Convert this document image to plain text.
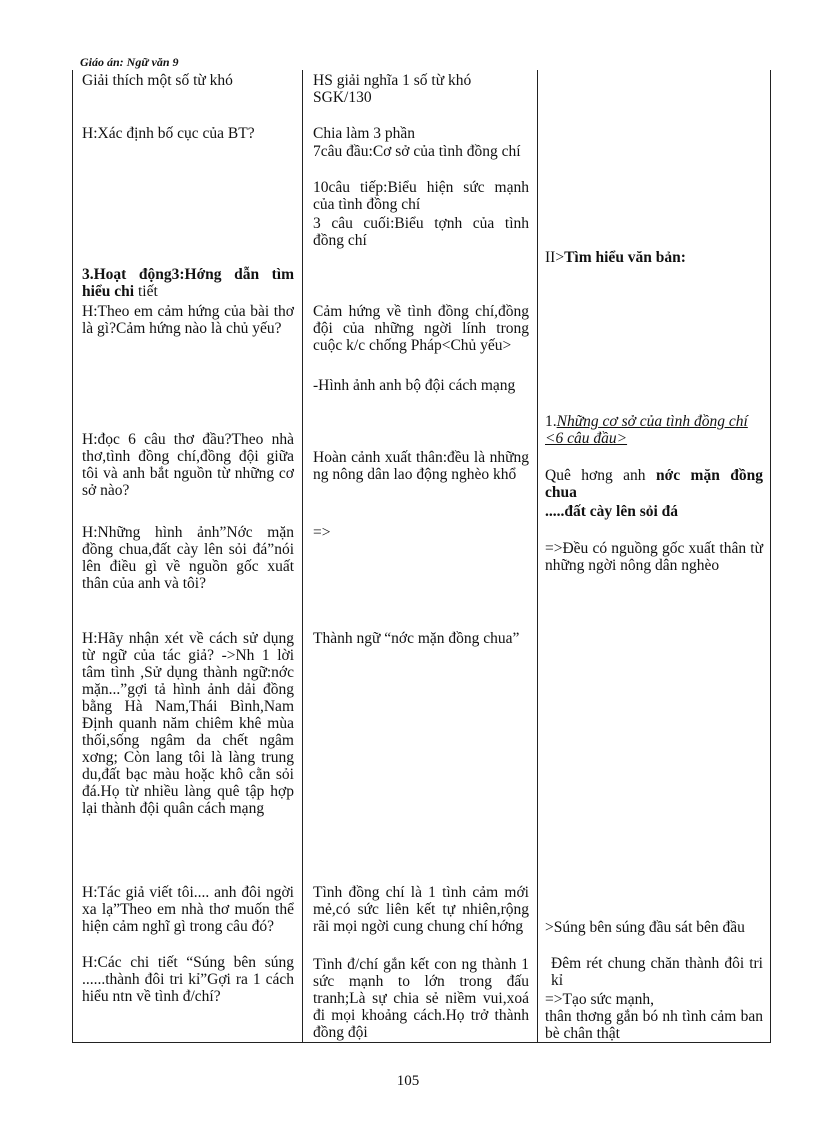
Giáo án: Ngữ văn 9

Giải thích một số từ khó

H:Xác định bố cục của BT?

3.Hoạt động3:Hớng dẫn tìm hiểu chi tiết

H:Theo em cảm hứng của bài thơ là gì?Cảm hứng nào là chủ yếu?

H:đọc 6 câu thơ đầu?Theo nhà thơ,tình đồng chí,đồng đội giữa tôi và anh bắt nguồn từ những cơ sở nào?

H:Những hình ảnh”Nớc mặn đồng chua,đất cày lên sỏi đá”nói lên điều gì về nguồn gốc xuất thân của anh và tôi?

H:Hãy nhận xét về cách sử dụng từ ngữ của tác giả? ->Nh 1 lời tâm tình ,Sử dụng thành ngữ:nớc mặn...”gợi tả hình ảnh dải đồng bằng Hà Nam,Thái Bình,Nam Định quanh năm chiêm khê mùa thối,sống ngâm da chết ngâm xơng; Còn lang tôi là làng trung du,đất bạc màu hoặc khô cằn sỏi đá.Họ từ nhiều làng quê tập hợp lại thành đội quân cách mạng

H:Tác giả viết tôi.... anh đôi ngời xa lạ”Theo em nhà thơ muốn thể hiện cảm nghĩ gì trong câu đó?

H:Các chi tiết “Súng bên súng ......thành đôi tri kỉ”Gợi ra 1 cách hiểu ntn về tình đ/chí?

HS giải nghĩa 1 số từ khó SGK/130

Chia làm 3 phần

7câu đầu:Cơ sở của tình đồng chí

10câu tiếp:Biểu hiện sức mạnh của tình đồng chí

3 câu cuối:Biểu tợnh của tình đồng chí

Cảm hứng về tình đồng chí,đồng đội của những ngời lính trong cuộc k/c chống Pháp<Chủ yếu>

-Hình ảnh anh bộ đội cách mạng

Hoàn cảnh xuất thân:đều là những ng nông dân lao động nghèo khổ

=>

Thành ngữ “nớc mặn đồng chua”

Tình đồng chí là 1 tình cảm mới mẻ,có sức liên kết tự nhiên,rộng rãi mọi ngời cung chung chí hớng

Tình đ/chí gắn kết con ng thành 1 sức mạnh to lớn trong đấu tranh;Là sự chia sẻ niềm vui,xoá đi mọi khoảng cách.Họ trở thành đồng đội

II>Tìm hiểu văn bản:

1.Những cơ sở của tình đồng chí <6 câu đầu>

Quê hơng anh nớc mặn đồng chua

.....đất cày lên sỏi đá

=>Đều có nguồng gốc xuất thân từ những ngời nông dân nghèo

>Súng bên súng đầu sát bên đầu

Đêm rét chung chăn thành đôi tri kỉ

=>Tạo sức mạnh,

thân thơng gắn bó nh tình cảm ban bè chân thật

105
